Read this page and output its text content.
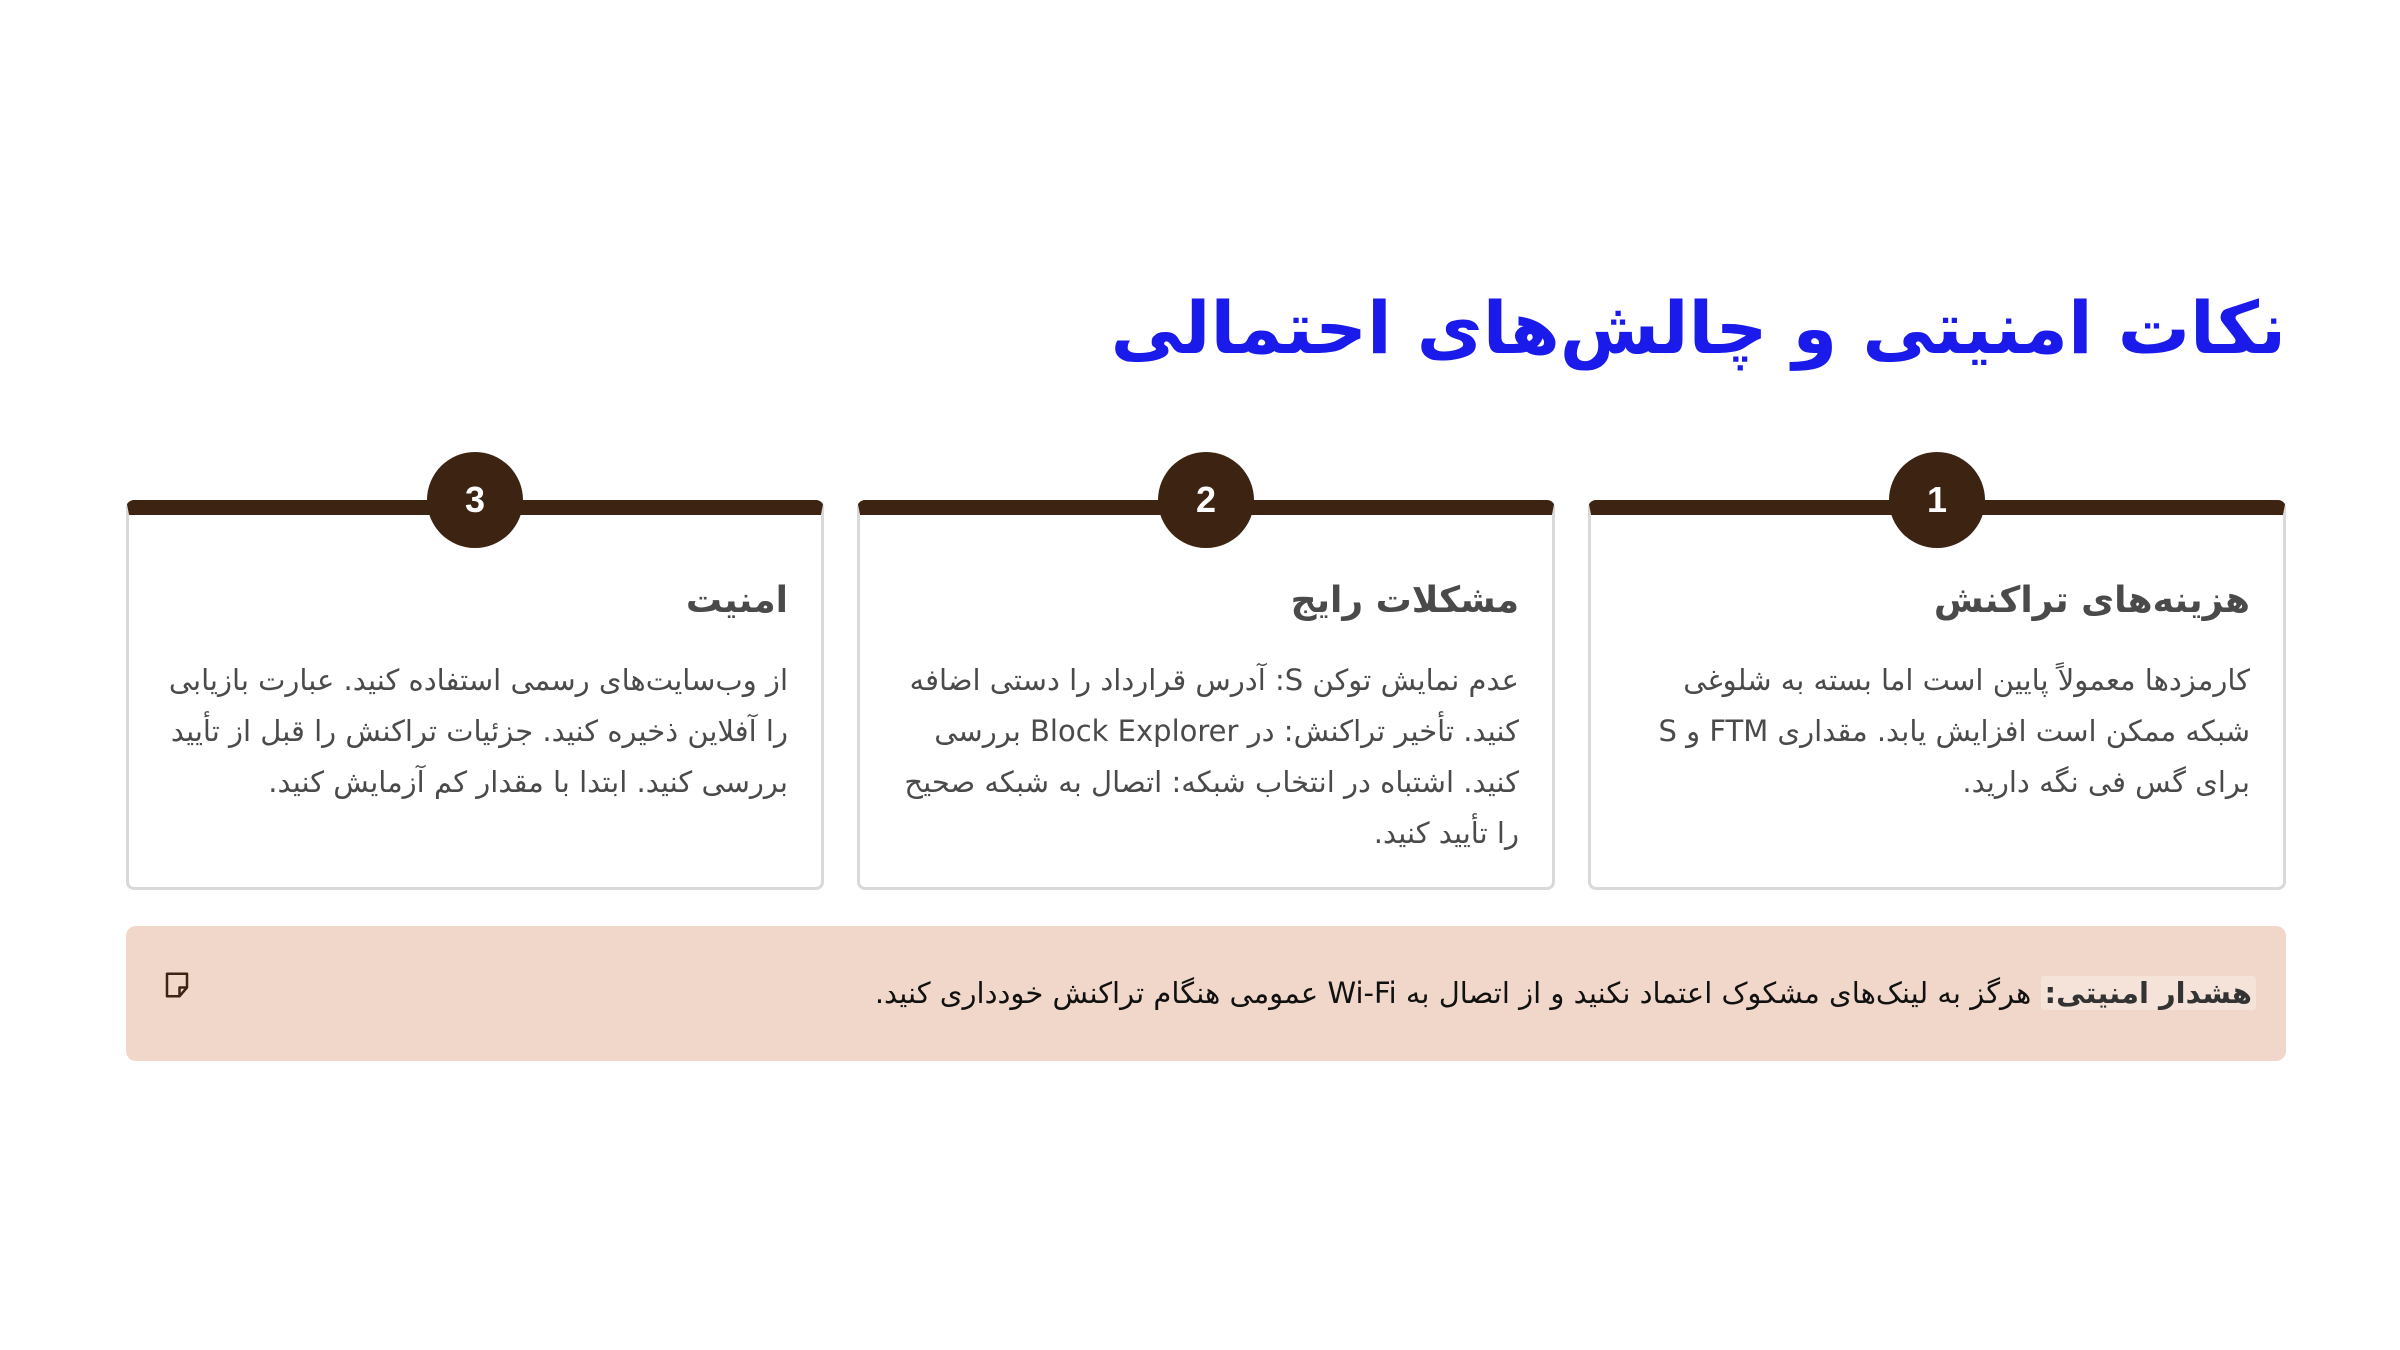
نکات امنیتی و چالش‌های احتمالی
1
هزینه‌های تراکنش

کارمزدها معمولاً پایین است اما بسته به شلوغی شبکه ممکن است افزایش یابد. مقداری FTM و S برای گس فی نگه دارید.

2
مشکلات رایج

عدم نمایش توکن S: آدرس قرارداد را دستی اضافه کنید. تأخیر تراکنش: در Block Explorer بررسی کنید. اشتباه در انتخاب شبکه: اتصال به شبکه صحیح را تأیید کنید.

3
امنیت

از وب‌سایت‌های رسمی استفاده کنید. عبارت بازیابی را آفلاین ذخیره کنید. جزئیات تراکنش را قبل از تأیید بررسی کنید. ابتدا با مقدار کم آزمایش کنید.

هشدار امنیتی: هرگز به لینک‌های مشکوک اعتماد نکنید و از اتصال به Wi-Fi عمومی هنگام تراکنش خودداری کنید.
